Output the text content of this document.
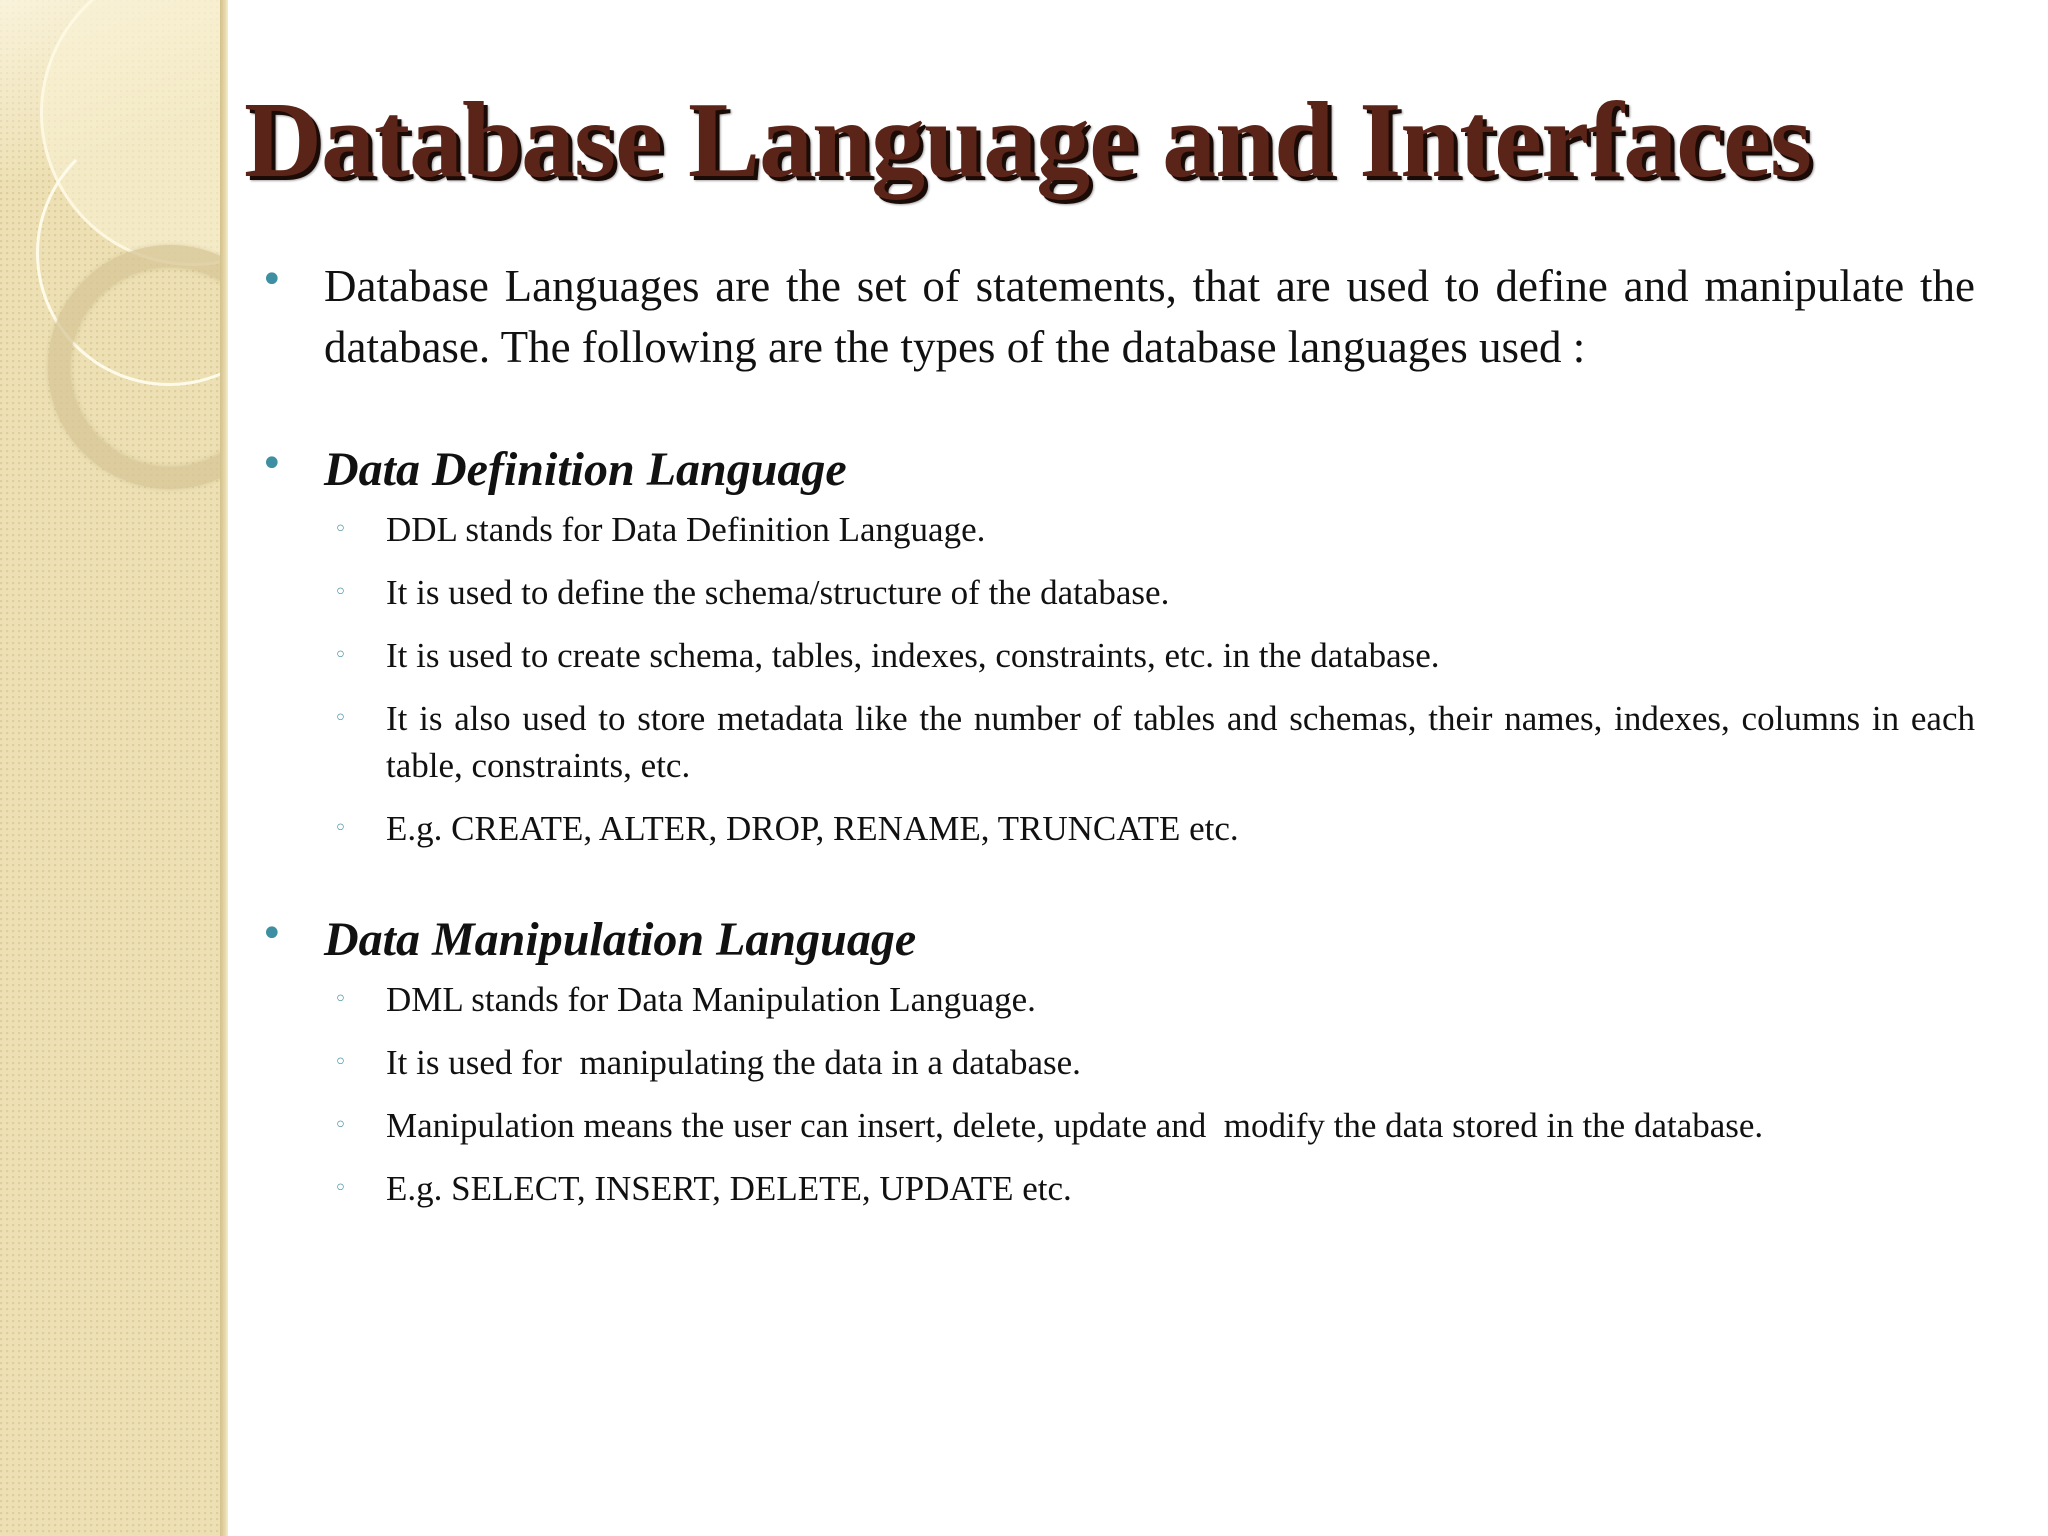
Database Language and Interfaces
• Database Languages are the set of statements, that are used to define and manipulate the database. The following are the types of the database languages used :

• Data Definition Language

◦ DDL stands for Data Definition Language.
◦ It is used to define the schema/structure of the database.
◦ It is used to create schema, tables, indexes, constraints, etc. in the database.
◦ It is also used to store metadata like the number of tables and schemas, their names, indexes, columns in each table, constraints, etc.
◦ E.g. CREATE, ALTER, DROP, RENAME, TRUNCATE etc.
• Data Manipulation Language

◦ DML stands for Data Manipulation Language.
◦ It is used for  manipulating the data in a database.
◦ Manipulation means the user can insert, delete, update and  modify the data stored in the database.
◦ E.g. SELECT, INSERT, DELETE, UPDATE etc.
